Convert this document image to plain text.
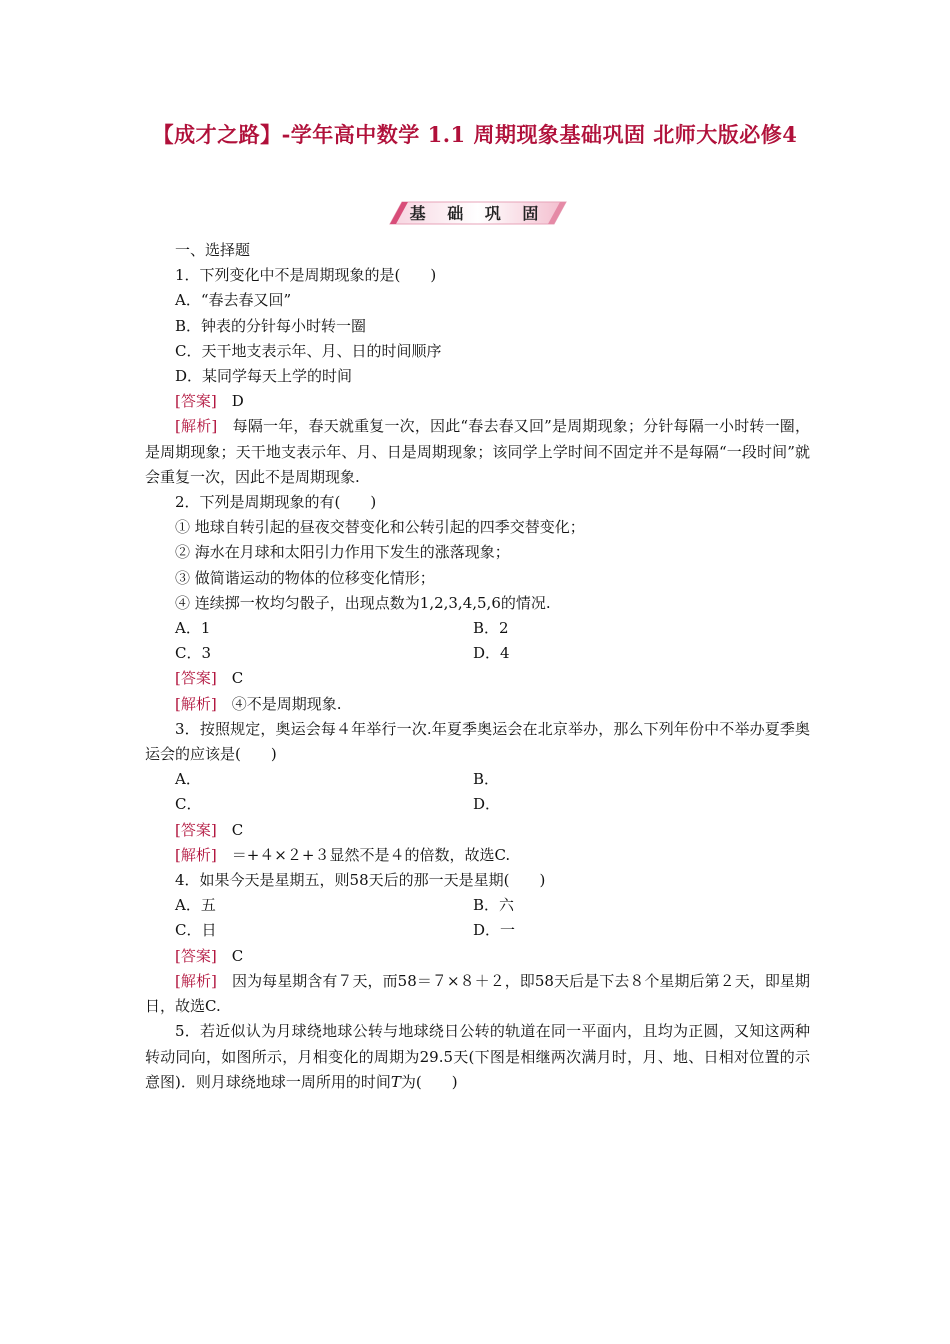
【成才之路】-学年高中数学 1.1 周期现象基础巩固 北师大版必修4
基 础 巩 固
一、选择题
1．下列变化中不是周期现象的是(　　)
A．“春去春又回”
B．钟表的分针每小时转一圈
C．天干地支表示年、月、日的时间顺序
D．某同学每天上学的时间
[答案]　 D
[解析]　 每隔一年，春天就重复一次，因此“春去春又回”是周期现象；分针每隔一小时转一圈，是周期现象；天干地支表示年、月、日是周期现象；该同学上学时间不固定并不是每隔“一段时间”就会重复一次，因此不是周期现象.
2．下列是周期现象的有(　　)
① 地球自转引起的昼夜交替变化和公转引起的四季交替变化；
② 海水在月球和太阳引力作用下发生的涨落现象；
③ 做简谐运动的物体的位移变化情形；
④ 连续掷一枚均匀骰子，出现点数为1,2,3,4,5,6的情况.
A．1	B．2
C．3	D．4
[答案]　 C
[解析]　 ④不是周期现象.
3．按照规定，奥运会每４年举行一次.年夏季奥运会在北京举办，那么下列年份中不举办夏季奥运会的应该是(　　)
A．	B．
C．	D．
[答案]　 C
[解析]　 ＝+４×２+３显然不是４的倍数，故选C.
4．如果今天是星期五，则58天后的那一天是星期(　　)
A．五	B．六
C．日	D．一
[答案]　 C
[解析]　 因为每星期含有７天，而58＝７×８＋２，即58天后是下去８个星期后第２天，即星期日，故选C.
5．若近似认为月球绕地球公转与地球绕日公转的轨道在同一平面内，且均为正圆，又知这两种转动同向，如图所示，月相变化的周期为29.5天(下图是相继两次满月时，月、地、日相对位置的示意图)．则月球绕地球一周所用的时间T为(　　)
